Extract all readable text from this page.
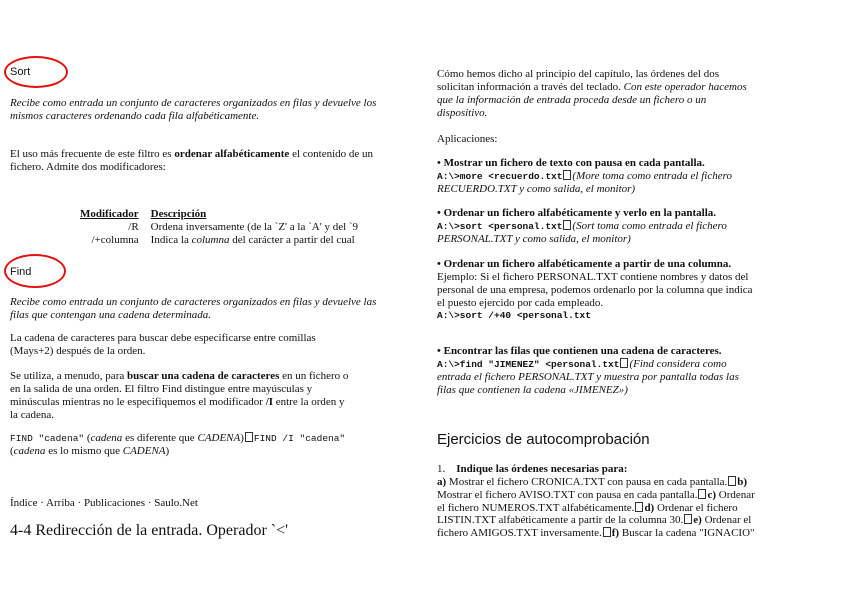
Sort

Recibe como entrada un conjunto de caracteres organizados en filas y devuelve los mismos caracteres ordenando cada fila alfabéticamente.

El uso más frecuente de este filtro es ordenar alfabéticamente el contenido de un fichero. Admite dos modificadores:

Modificador	Descripción
/R	Ordena inversamente (de la `Z' a la `A' y del `9
/+columna	Indica la columna del carácter a partir del cual
Find

Recibe como entrada un conjunto de caracteres organizados en filas y devuelve las filas que contengan una cadena determinada.

La cadena de caracteres para buscar debe especificarse entre comillas (Mays+2) después de la orden.

Se utiliza, a menudo, para buscar una cadena de caracteres en un fichero o en la salida de una orden. El filtro Find distingue entre mayúsculas y minúsculas mientras no le especifiquemos el modificador /I entre la orden y la cadena.

FIND "cadena" (cadena es diferente que CADENA) FIND /I "cadena" (cadena es lo mismo que CADENA)

Índice · Arriba · Publicaciones · Saulo.Net
4-4 Redirección de la entrada. Operador `<'

Cómo hemos dicho al principio del capítulo, las órdenes del dos solicitan información a través del teclado. Con este operador hacemos que la información de entrada proceda desde un fichero o un dispositivo.

Aplicaciones:

• Mostrar un fichero de texto con pausa en cada pantalla.
A:\>more <recuerdo.txt (More toma como entrada el fichero RECUERDO.TXT y como salida, el monitor)
• Ordenar un fichero alfabéticamente y verlo en la pantalla.
A:\>sort <personal.txt (Sort toma como entrada el fichero PERSONAL.TXT y como salida, el monitor)
• Ordenar un fichero alfabéticamente a partir de una columna. Ejemplo: Si el fichero PERSONAL.TXT contiene nombres y datos del personal de una empresa, podemos ordenarlo por la columna que indica el puesto ejercido por cada empleado.
A:\>sort /+40 <personal.txt
• Encontrar las filas que contienen una cadena de caracteres.
A:\>find "JIMENEZ" <personal.txt (Find considera como entrada el fichero PERSONAL.TXT y muestra por pantalla todas las filas que contienen la cadena «JIMENEZ»)
Ejercicios de autocomprobación
1. Indique las órdenes necesarias para:
a) Mostrar el fichero CRONICA.TXT con pausa en cada pantalla. b) Mostrar el fichero AVISO.TXT con pausa en cada pantalla. c) Ordenar el fichero NUMEROS.TXT alfabéticamente. d) Ordenar el fichero LISTIN.TXT alfabéticamente a partir de la columna 30. e) Ordenar el fichero AMIGOS.TXT inversamente. f) Buscar la cadena "IGNACIO"
